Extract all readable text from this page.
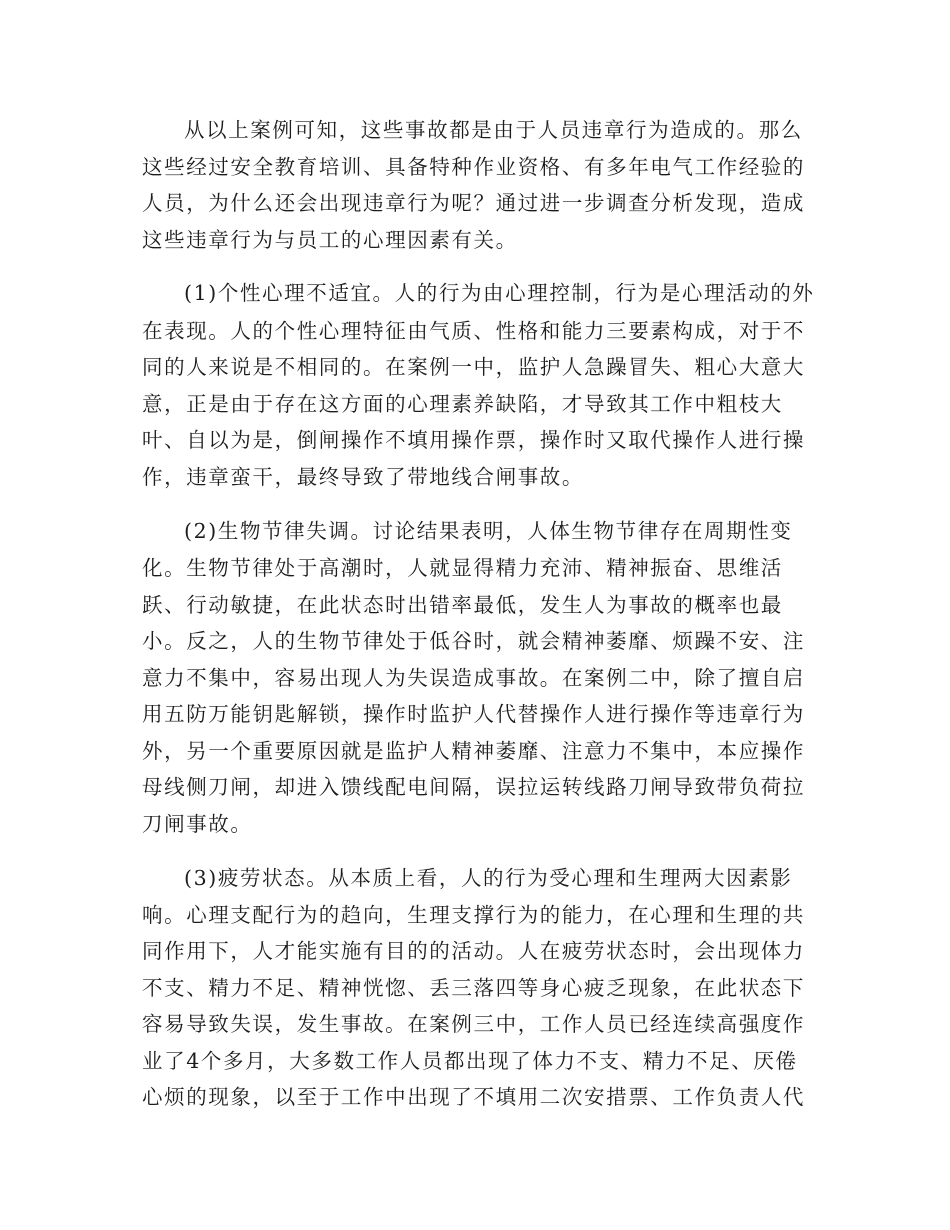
从以上案例可知，这些事故都是由于人员违章行为造成的。那么
这些经过安全教育培训、具备特种作业资格、有多年电气工作经验的
人员，为什么还会出现违章行为呢？通过进一步调查分析发现，造成
这些违章行为与员工的心理因素有关。
(1)个性心理不适宜。人的行为由心理控制，行为是心理活动的外
在表现。人的个性心理特征由气质、性格和能力三要素构成，对于不
同的人来说是不相同的。在案例一中，监护人急躁冒失、粗心大意大
意，正是由于存在这方面的心理素养缺陷，才导致其工作中粗枝大
叶、自以为是，倒闸操作不填用操作票，操作时又取代操作人进行操
作，违章蛮干，最终导致了带地线合闸事故。
(2)生物节律失调。讨论结果表明，人体生物节律存在周期性变
化。生物节律处于高潮时，人就显得精力充沛、精神振奋、思维活
跃、行动敏捷，在此状态时出错率最低，发生人为事故的概率也最
小。反之，人的生物节律处于低谷时，就会精神萎靡、烦躁不安、注
意力不集中，容易出现人为失误造成事故。在案例二中，除了擅自启
用五防万能钥匙解锁，操作时监护人代替操作人进行操作等违章行为
外，另一个重要原因就是监护人精神萎靡、注意力不集中，本应操作
母线侧刀闸，却进入馈线配电间隔，误拉运转线路刀闸导致带负荷拉
刀闸事故。
(3)疲劳状态。从本质上看，人的行为受心理和生理两大因素影
响。心理支配行为的趋向，生理支撑行为的能力，在心理和生理的共
同作用下，人才能实施有目的的活动。人在疲劳状态时，会出现体力
不支、精力不足、精神恍惚、丢三落四等身心疲乏现象，在此状态下
容易导致失误，发生事故。在案例三中，工作人员已经连续高强度作
业了4个多月，大多数工作人员都出现了体力不支、精力不足、厌倦
心烦的现象，以至于工作中出现了不填用二次安措票、工作负责人代
